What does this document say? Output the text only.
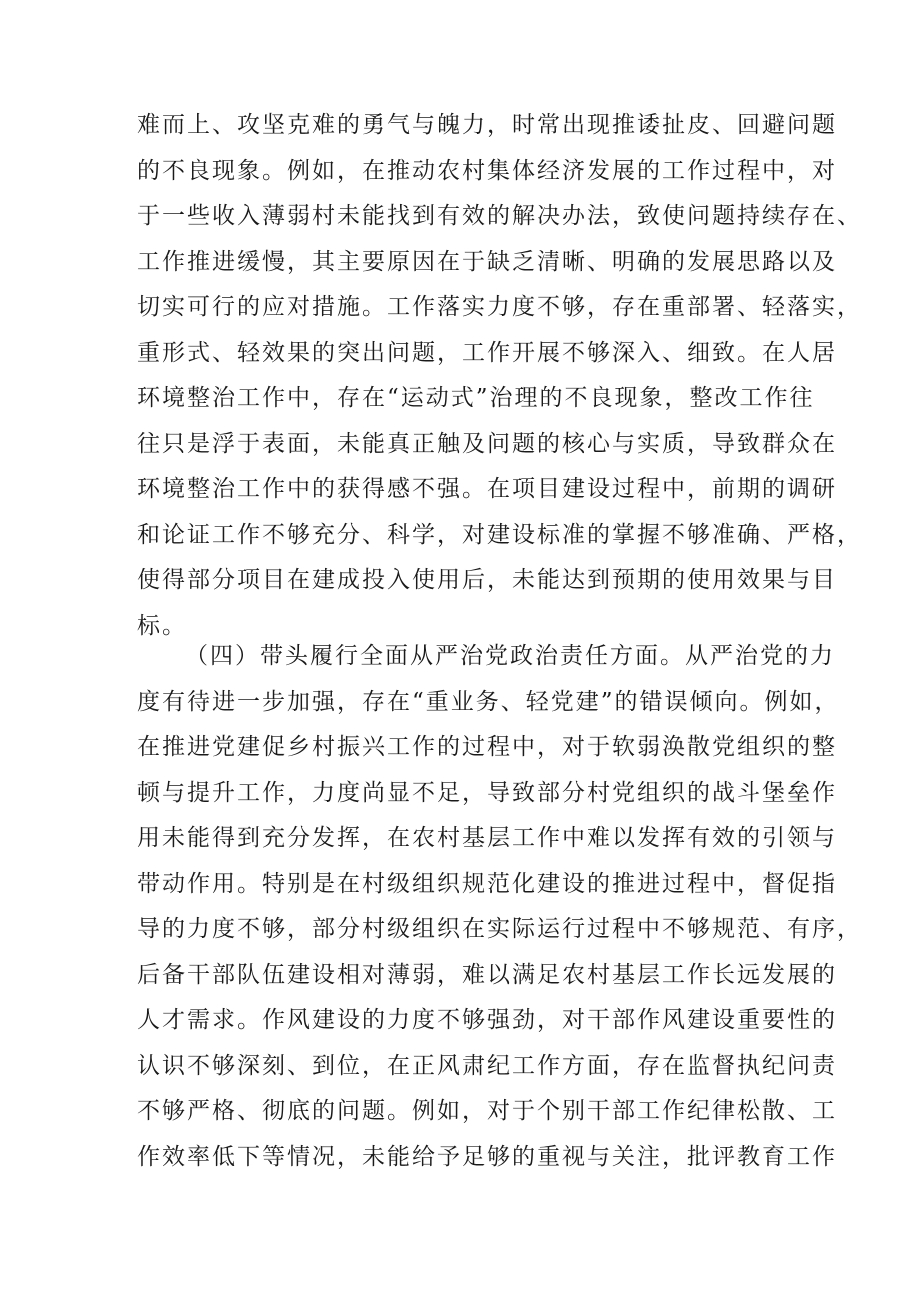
难而上、攻坚克难的勇气与魄力，时常出现推诿扯皮、回避问题
的不良现象。例如，在推动农村集体经济发展的工作过程中，对
于一些收入薄弱村未能找到有效的解决办法，致使问题持续存在、
工作推进缓慢，其主要原因在于缺乏清晰、明确的发展思路以及
切实可行的应对措施。工作落实力度不够，存在重部署、轻落实，
重形式、轻效果的突出问题，工作开展不够深入、细致。在人居
环境整治工作中，存在“运动式”治理的不良现象，整改工作往
往只是浮于表面，未能真正触及问题的核心与实质，导致群众在
环境整治工作中的获得感不强。在项目建设过程中，前期的调研
和论证工作不够充分、科学，对建设标准的掌握不够准确、严格，
使得部分项目在建成投入使用后，未能达到预期的使用效果与目
标。
（四）带头履行全面从严治党政治责任方面。从严治党的力
度有待进一步加强，存在“重业务、轻党建”的错误倾向。例如，
在推进党建促乡村振兴工作的过程中，对于软弱涣散党组织的整
顿与提升工作，力度尚显不足，导致部分村党组织的战斗堡垒作
用未能得到充分发挥，在农村基层工作中难以发挥有效的引领与
带动作用。特别是在村级组织规范化建设的推进过程中，督促指
导的力度不够，部分村级组织在实际运行过程中不够规范、有序，
后备干部队伍建设相对薄弱，难以满足农村基层工作长远发展的
人才需求。作风建设的力度不够强劲，对干部作风建设重要性的
认识不够深刻、到位，在正风肃纪工作方面，存在监督执纪问责
不够严格、彻底的问题。例如，对于个别干部工作纪律松散、工
作效率低下等情况，未能给予足够的重视与关注，批评教育工作
